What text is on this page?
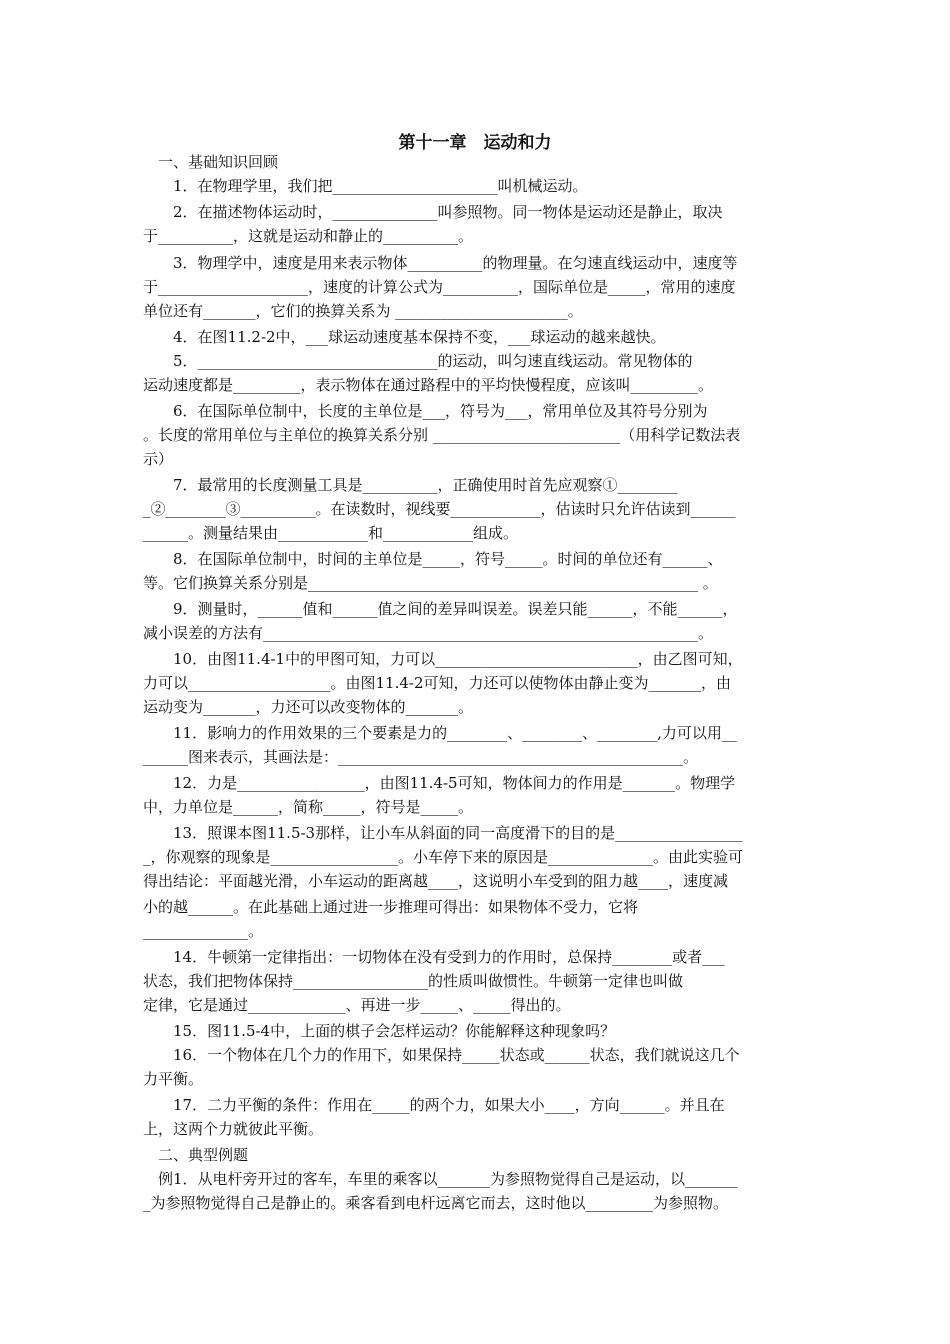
第十一章　运动和力
　一、基础知识回顾
　　1．在物理学里，我们把______________________叫机械运动。
　　2．在描述物体运动时，______________叫参照物。同一物体是运动还是静止，取决
于__________，这就是运动和静止的__________。
　　3．物理学中，速度是用来表示物体__________的物理量。在匀速直线运动中，速度等
于____________________，速度的计算公式为__________，国际单位是_____，常用的速度
单位还有_______，它们的换算关系为 _______________________。
　　4．在图11.2-2中，___球运动速度基本保持不变，___球运动的越来越快。
　　5．________________________________的运动，叫匀速直线运动。常见物体的
运动速度都是_________，表示物体在通过路程中的平均快慢程度，应该叫_________。
　　6．在国际单位制中，长度的主单位是___，符号为___，常用单位及其符号分别为
。长度的常用单位与主单位的换算关系分别 _________________________（用科学记数法表
示）
　　7．最常用的长度测量工具是__________，正确使用时首先应观察①________
_②________③__________。在读数时，视线要____________，估读时只允许估读到______
______。测量结果由____________和____________组成。
　　8．在国际单位制中，时间的主单位是_____，符号_____。时间的单位还有______、
等。它们换算关系分别是____________________________________________________ 。
　　9．测量时，______值和______值之间的差异叫误差。误差只能______，不能______，
减小误差的方法有__________________________________________________________。
　　10．由图11.4-1中的甲图可知，力可以___________________________，由乙图可知，
力可以___________________。由图11.4-2可知，力还可以使物体由静止变为_______，由
运动变为_______，力还可以改变物体的_______。
　　11．影响力的作用效果的三个要素是力的________、________、________,力可以用__
______图来表示，其画法是：______________________________________________。
　　12．力是_________________，由图11.4-5可知，物体间力的作用是_______。物理学
中，力单位是______，简称_____，符号是_____。
　　13．照课本图11.5-3那样，让小车从斜面的同一高度滑下的目的是_________________
_，你观察的现象是_________________。小车停下来的原因是______________。由此实验可
得出结论：平面越光滑，小车运动的距离越____，这说明小车受到的阻力越____，速度减
小的越______。在此基础上通过进一步推理可得出：如果物体不受力，它将
______________。
　　14．牛顿第一定律指出：一切物体在没有受到力的作用时，总保持________或者___
状态，我们把物体保持__________________的性质叫做惯性。牛顿第一定律也叫做
定律，它是通过_____________、再进一步_____、_____得出的。
　　15．图11.5-4中，上面的棋子会怎样运动？你能解释这种现象吗？
　　16．一个物体在几个力的作用下，如果保持_____状态或______状态，我们就说这几个
力平衡。
　　17．二力平衡的条件：作用在_____的两个力，如果大小____，方向______。并且在
上，这两个力就彼此平衡。
　二、典型例题
　例1．从电杆旁开过的客车，车里的乘客以_______为参照物觉得自己是运动，以_______
_为参照物觉得自己是静止的。乘客看到电杆远离它而去，这时他以_________为参照物。
